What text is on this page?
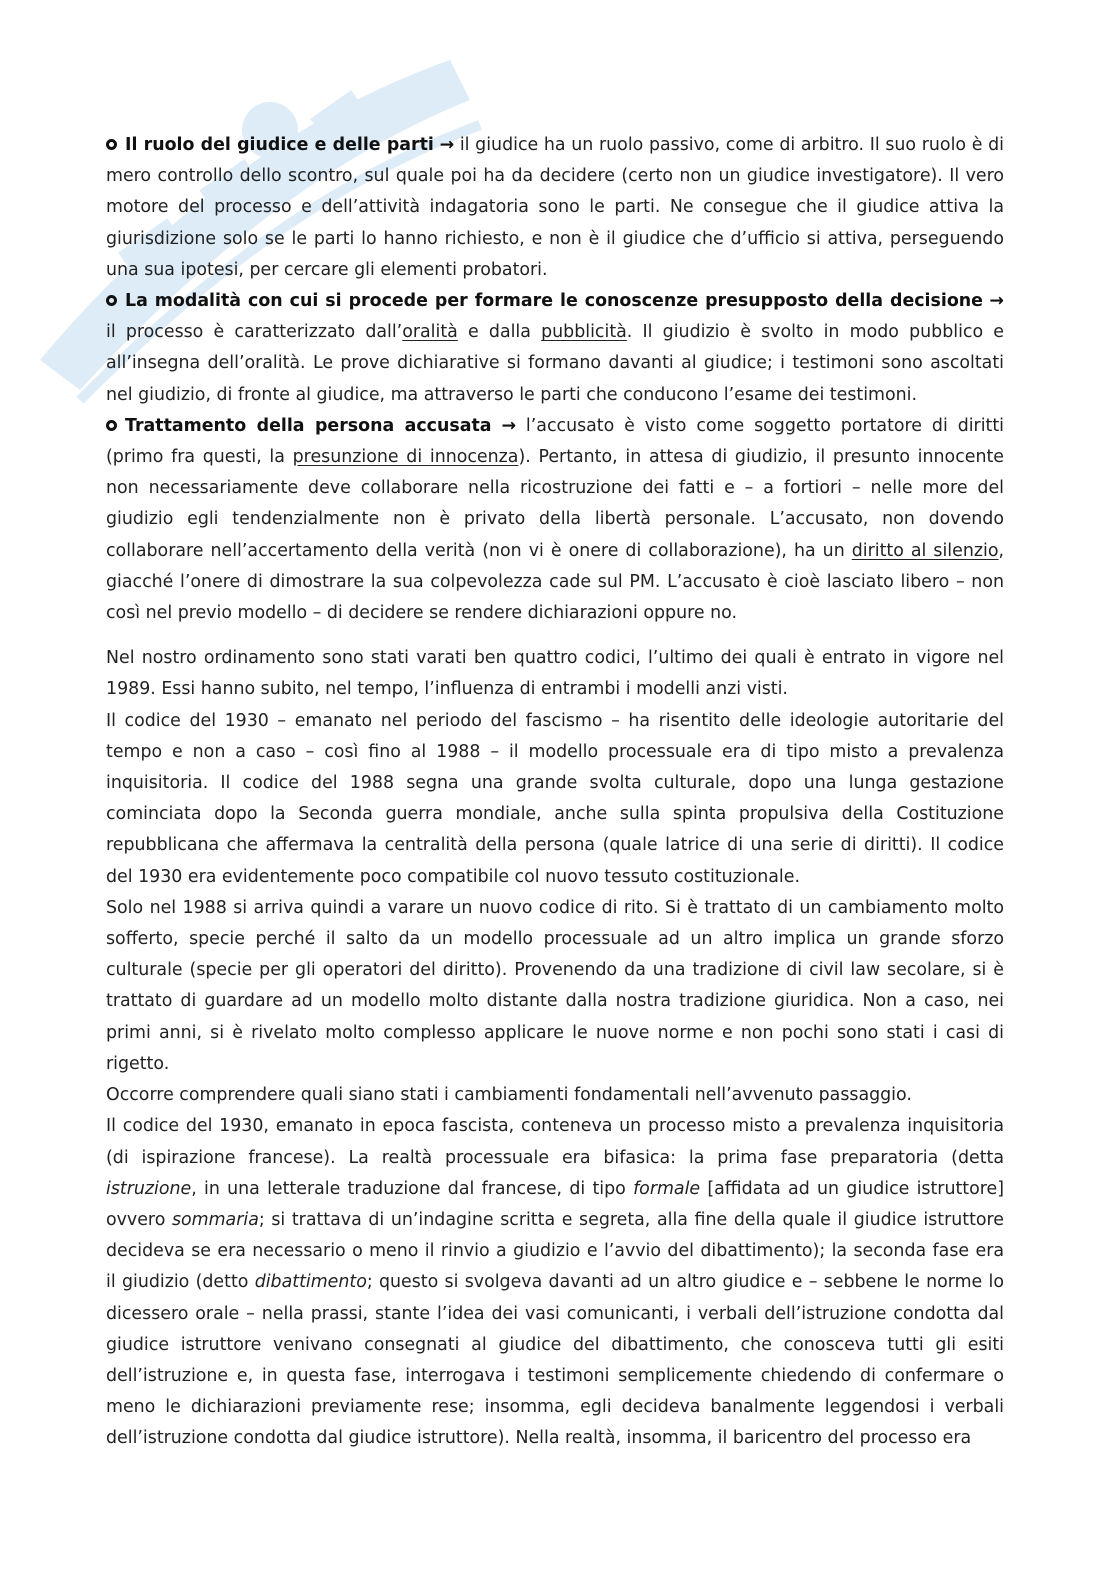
Il ruolo del giudice e delle parti → il giudice ha un ruolo passivo, come di arbitro. Il suo ruolo è di mero controllo dello scontro, sul quale poi ha da decidere (certo non un giudice investigatore). Il vero motore del processo e dell’attività indagatoria sono le parti. Ne consegue che il giudice attiva la giurisdizione solo se le parti lo hanno richiesto, e non è il giudice che d’ufficio si attiva, perseguendo una sua ipotesi, per cercare gli elementi probatori.

La modalità con cui si procede per formare le conoscenze presupposto della decisione → il processo è caratterizzato dall’oralità e dalla pubblicità. Il giudizio è svolto in modo pubblico e all’insegna dell’oralità. Le prove dichiarative si formano davanti al giudice; i testimoni sono ascoltati nel giudizio, di fronte al giudice, ma attraverso le parti che conducono l’esame dei testimoni.

Trattamento della persona accusata → l’accusato è visto come soggetto portatore di diritti (primo fra questi, la presunzione di innocenza). Pertanto, in attesa di giudizio, il presunto innocente non necessariamente deve collaborare nella ricostruzione dei fatti e – a fortiori – nelle more del giudizio egli tendenzialmente non è privato della libertà personale. L’accusato, non dovendo collaborare nell’accertamento della verità (non vi è onere di collaborazione), ha un diritto al silenzio, giacché l’onere di dimostrare la sua colpevolezza cade sul PM. L’accusato è cioè lasciato libero – non così nel previo modello – di decidere se rendere dichiarazioni oppure no.

Nel nostro ordinamento sono stati varati ben quattro codici, l’ultimo dei quali è entrato in vigore nel 1989. Essi hanno subito, nel tempo, l’influenza di entrambi i modelli anzi visti.

Il codice del 1930 – emanato nel periodo del fascismo – ha risentito delle ideologie autoritarie del tempo e non a caso – così fino al 1988 – il modello processuale era di tipo misto a prevalenza inquisitoria. Il codice del 1988 segna una grande svolta culturale, dopo una lunga gestazione cominciata dopo la Seconda guerra mondiale, anche sulla spinta propulsiva della Costituzione repubblicana che affermava la centralità della persona (quale latrice di una serie di diritti). Il codice del 1930 era evidentemente poco compatibile col nuovo tessuto costituzionale.

Solo nel 1988 si arriva quindi a varare un nuovo codice di rito. Si è trattato di un cambiamento molto sofferto, specie perché il salto da un modello processuale ad un altro implica un grande sforzo culturale (specie per gli operatori del diritto). Provenendo da una tradizione di civil law secolare, si è trattato di guardare ad un modello molto distante dalla nostra tradizione giuridica. Non a caso, nei primi anni, si è rivelato molto complesso applicare le nuove norme e non pochi sono stati i casi di rigetto.

Occorre comprendere quali siano stati i cambiamenti fondamentali nell’avvenuto passaggio.

Il codice del 1930, emanato in epoca fascista, conteneva un processo misto a prevalenza inquisitoria (di ispirazione francese). La realtà processuale era bifasica: la prima fase preparatoria (detta istruzione, in una letterale traduzione dal francese, di tipo formale [affidata ad un giudice istruttore] ovvero sommaria; si trattava di un’indagine scritta e segreta, alla fine della quale il giudice istruttore decideva se era necessario o meno il rinvio a giudizio e l’avvio del dibattimento); la seconda fase era il giudizio (detto dibattimento; questo si svolgeva davanti ad un altro giudice e – sebbene le norme lo dicessero orale – nella prassi, stante l’idea dei vasi comunicanti, i verbali dell’istruzione condotta dal giudice istruttore venivano consegnati al giudice del dibattimento, che conosceva tutti gli esiti dell’istruzione e, in questa fase, interrogava i testimoni semplicemente chiedendo di confermare o meno le dichiarazioni previamente rese; insomma, egli decideva banalmente leggendosi i verbali dell’istruzione condotta dal giudice istruttore). Nella realtà, insomma, il baricentro del processo era
